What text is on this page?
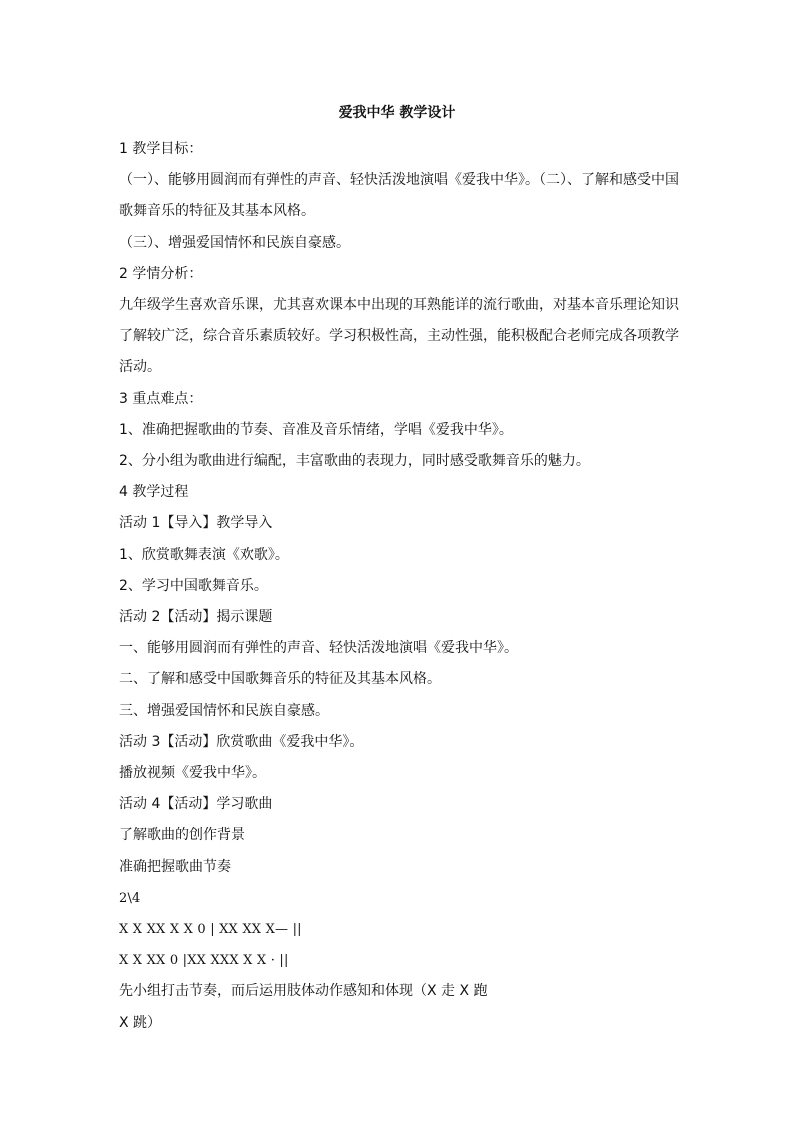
爱我中华 教学设计

1 教学目标：

（一）、能够用圆润而有弹性的声音、轻快活泼地演唱《爱我中华》。（二）、了解和感受中国歌舞音乐的特征及其基本风格。

（三）、增强爱国情怀和民族自豪感。

2 学情分析：

九年级学生喜欢音乐课，尤其喜欢课本中出现的耳熟能详的流行歌曲，对基本音乐理论知识了解较广泛，综合音乐素质较好。学习积极性高，主动性强，能积极配合老师完成各项教学活动。

3 重点难点：

1、准确把握歌曲的节奏、音准及音乐情绪，学唱《爱我中华》。

2、分小组为歌曲进行编配，丰富歌曲的表现力，同时感受歌舞音乐的魅力。

4 教学过程

活动 1【导入】教学导入

1、欣赏歌舞表演《欢歌》。

2、学习中国歌舞音乐。

活动 2【活动】揭示课题

一、能够用圆润而有弹性的声音、轻快活泼地演唱《爱我中华》。

二、了解和感受中国歌舞音乐的特征及其基本风格。

三、增强爱国情怀和民族自豪感。

活动 3【活动】欣赏歌曲《爱我中华》。

播放视频《爱我中华》。

活动 4【活动】学习歌曲

了解歌曲的创作背景

准确把握歌曲节奏

2\4

X X XX X X 0 | XX XX X— ||

X X XX 0 |XX XXX X X · ||

先小组打击节奏，而后运用肢体动作感知和体现（X 走 X 跑

X 跳）
